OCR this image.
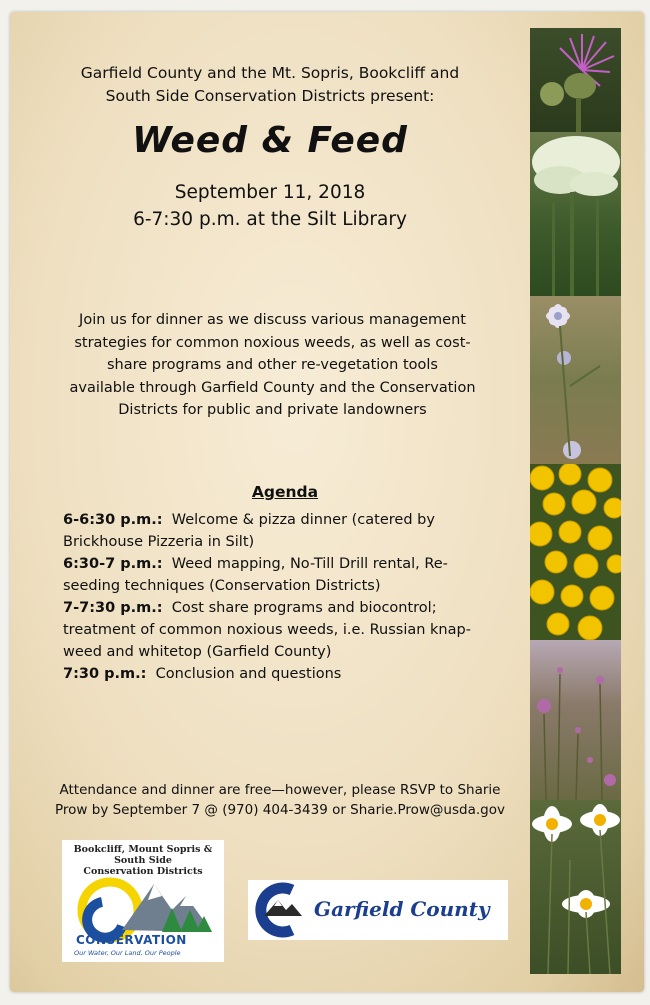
Garfield County and the Mt. Sopris, Bookcliff and
South Side Conservation Districts present:
Weed & Feed
September 11, 2018
6-7:30 p.m. at the Silt Library
Join us for dinner as we discuss various management
strategies for common noxious weeds, as well as cost-
share programs and other re-vegetation tools
available through Garfield County and the Conservation
Districts for public and private landowners
Agenda
6-6:30 p.m.: Welcome & pizza dinner (catered by
Brickhouse Pizzeria in Silt)
6:30-7 p.m.: Weed mapping, No-Till Drill rental, Re-
seeding techniques (Conservation Districts)
7-7:30 p.m.: Cost share programs and biocontrol;
treatment of common noxious weeds, i.e. Russian knap-
weed and whitetop (Garfield County)
7:30 p.m.: Conclusion and questions
Attendance and dinner are free—however, please RSVP to Sharie
Prow by September 7 @ (970) 404-3439 or Sharie.Prow@usda.gov
Bookcliff, Mount Sopris &
South Side
Conservation Districts
CONSERVATION
Our Water, Our Land, Our People
Garfield County
